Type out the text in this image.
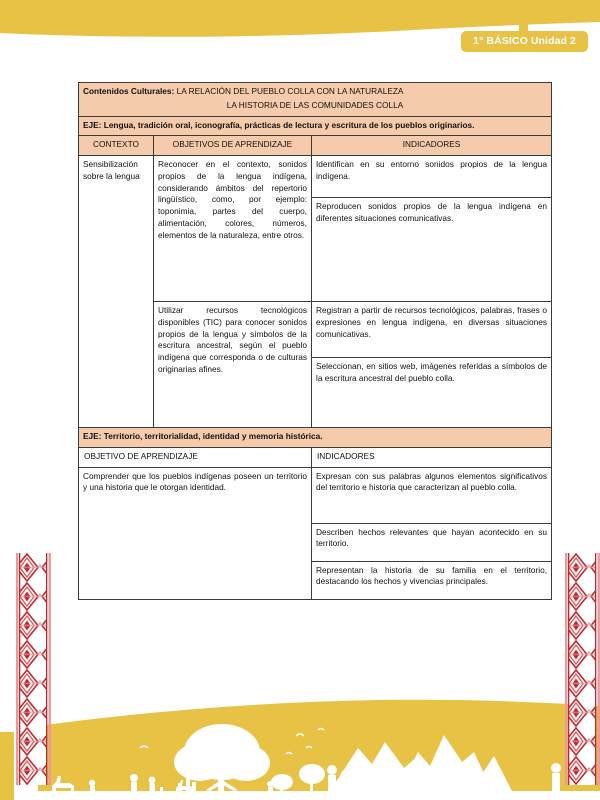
1° BÁSICO Unidad 2
Contenidos Culturales: LA RELACIÓN DEL PUEBLO COLLA CON LA NATURALEZA
LA HISTORIA DE LAS COMUNIDADES COLLA		

EJE: Lengua, tradición oral, iconografía, prácticas de lectura y escritura de los pueblos originarios.		
CONTEXTO	OBJETIVOS DE APRENDIZAJE	INDICADORES
Sensibilización sobre la lengua	Reconocer en el contexto, sonidos propios de la lengua indígena, considerando ámbitos del repertorio lingüístico, como, por ejemplo: toponimia, partes del cuerpo, alimentación, colores, números, elementos de la naturaleza, entre otros.	Identifican en su entorno sonidos propios de la lengua indígena.
		Reproducen sonidos propios de la lengua indígena en diferentes situaciones comunicativas.
	Utilizar recursos tecnológicos disponibles (TIC) para conocer sonidos propios de la lengua y símbolos de la escritura ancestral, según el pueblo indígena que corresponda o de culturas originarias afines.	Registran a partir de recursos tecnológicos, palabras, frases o expresiones en lengua indígena, en diversas situaciones comunicativas.
		Seleccionan, en sitios web, imágenes referidas a símbolos de la escritura ancestral del pueblo colla.
EJE: Territorio, territorialidad, identidad y memoria histórica.		
OBJETIVO DE APRENDIZAJE		INDICADORES
Comprender que los pueblos indígenas poseen un territorio y una historia que le otorgan identidad.		Expresan con sus palabras algunos elementos significativos del territorio e historia que caracterizan al pueblo colla.
		Describen hechos relevantes que hayan acontecido en su territorio.
		Representan la historia de su familia en el territorio, destacando los hechos y vivencias principales.
